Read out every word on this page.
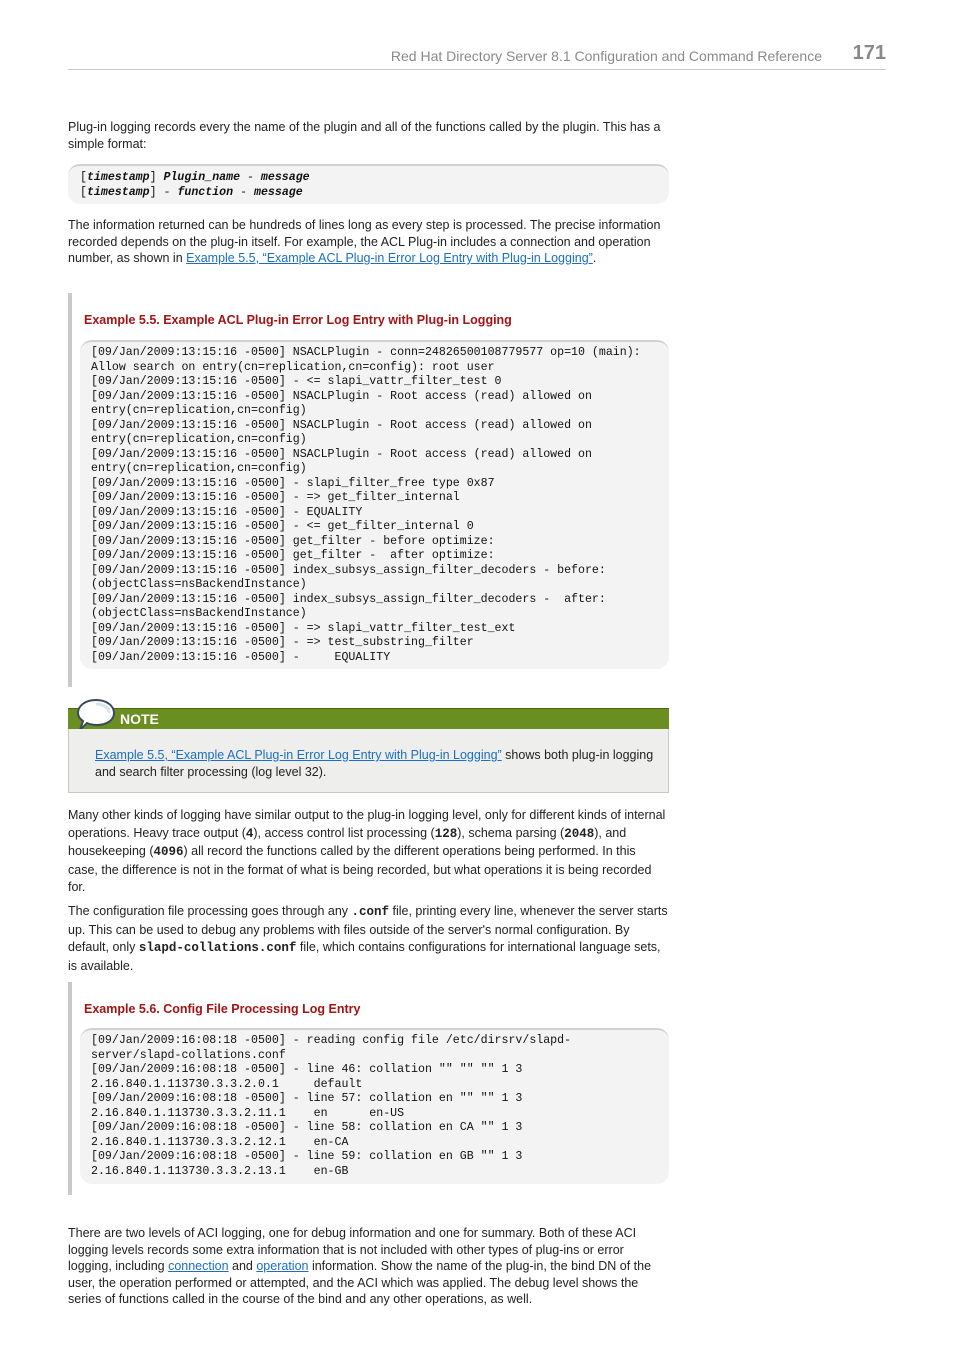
Red Hat Directory Server 8.1 Configuration and Command Reference 171

Plug-in logging records every the name of the plugin and all of the functions called by the plugin. This has a simple format:

[timestamp] Plugin_name - message
[timestamp] - function - message

The information returned can be hundreds of lines long as every step is processed. The precise information recorded depends on the plug-in itself. For example, the ACL Plug-in includes a connection and operation number, as shown in Example 5.5, “Example ACL Plug-in Error Log Entry with Plug-in Logging”.

Example 5.5. Example ACL Plug-in Error Log Entry with Plug-in Logging
[09/Jan/2009:13:15:16 -0500] NSACLPlugin - conn=24826500108779577 op=10 (main):
Allow search on entry(cn=replication,cn=config): root user
[09/Jan/2009:13:15:16 -0500] - <= slapi_vattr_filter_test 0
[09/Jan/2009:13:15:16 -0500] NSACLPlugin - Root access (read) allowed on
entry(cn=replication,cn=config)
[09/Jan/2009:13:15:16 -0500] NSACLPlugin - Root access (read) allowed on
entry(cn=replication,cn=config)
[09/Jan/2009:13:15:16 -0500] NSACLPlugin - Root access (read) allowed on
entry(cn=replication,cn=config)
[09/Jan/2009:13:15:16 -0500] - slapi_filter_free type 0x87
[09/Jan/2009:13:15:16 -0500] - => get_filter_internal
[09/Jan/2009:13:15:16 -0500] - EQUALITY
[09/Jan/2009:13:15:16 -0500] - <= get_filter_internal 0
[09/Jan/2009:13:15:16 -0500] get_filter - before optimize:
[09/Jan/2009:13:15:16 -0500] get_filter -  after optimize:
[09/Jan/2009:13:15:16 -0500] index_subsys_assign_filter_decoders - before:
(objectClass=nsBackendInstance)
[09/Jan/2009:13:15:16 -0500] index_subsys_assign_filter_decoders -  after:
(objectClass=nsBackendInstance)
[09/Jan/2009:13:15:16 -0500] - => slapi_vattr_filter_test_ext
[09/Jan/2009:13:15:16 -0500] - => test_substring_filter
[09/Jan/2009:13:15:16 -0500] -     EQUALITY
NOTE

Example 5.5, “Example ACL Plug-in Error Log Entry with Plug-in Logging” shows both plug-in logging and search filter processing (log level 32).

Many other kinds of logging have similar output to the plug-in logging level, only for different kinds of internal operations. Heavy trace output (4), access control list processing (128), schema parsing (2048), and housekeeping (4096) all record the functions called by the different operations being performed. In this case, the difference is not in the format of what is being recorded, but what operations it is being recorded for.

The configuration file processing goes through any .conf file, printing every line, whenever the server starts up. This can be used to debug any problems with files outside of the server's normal configuration. By default, only slapd-collations.conf file, which contains configurations for international language sets, is available.

Example 5.6. Config File Processing Log Entry
[09/Jan/2009:16:08:18 -0500] - reading config file /etc/dirsrv/slapd-
server/slapd-collations.conf
[09/Jan/2009:16:08:18 -0500] - line 46: collation "" "" "" 1 3
2.16.840.1.113730.3.3.2.0.1     default
[09/Jan/2009:16:08:18 -0500] - line 57: collation en "" "" 1 3
2.16.840.1.113730.3.3.2.11.1    en      en-US
[09/Jan/2009:16:08:18 -0500] - line 58: collation en CA "" 1 3
2.16.840.1.113730.3.3.2.12.1    en-CA
[09/Jan/2009:16:08:18 -0500] - line 59: collation en GB "" 1 3
2.16.840.1.113730.3.3.2.13.1    en-GB

There are two levels of ACI logging, one for debug information and one for summary. Both of these ACI logging levels records some extra information that is not included with other types of plug-ins or error logging, including connection and operation information. Show the name of the plug-in, the bind DN of the user, the operation performed or attempted, and the ACI which was applied. The debug level shows the series of functions called in the course of the bind and any other operations, as well.
